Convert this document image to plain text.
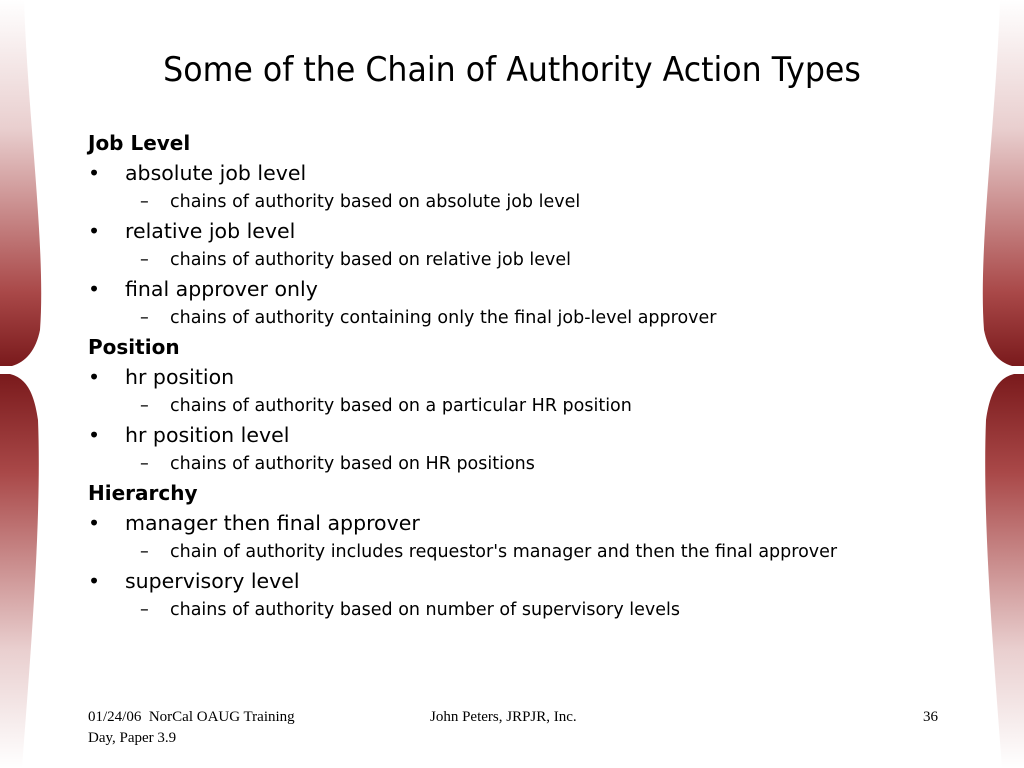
Some of the Chain of Authority Action Types
Job Level
• absolute job level
– chains of authority based on absolute job level
• relative job level
– chains of authority based on relative job level
• final approver only
– chains of authority containing only the final job-level approver
Position
• hr position
– chains of authority based on a particular HR position
• hr position level
– chains of authority based on HR positions
Hierarchy
• manager then final approver
– chain of authority includes requestor's manager and then the final approver
• supervisory level
– chains of authority based on number of supervisory levels
01/24/06  NorCal OAUG Training
Day, Paper 3.9
John Peters, JRPJR, Inc.	36
